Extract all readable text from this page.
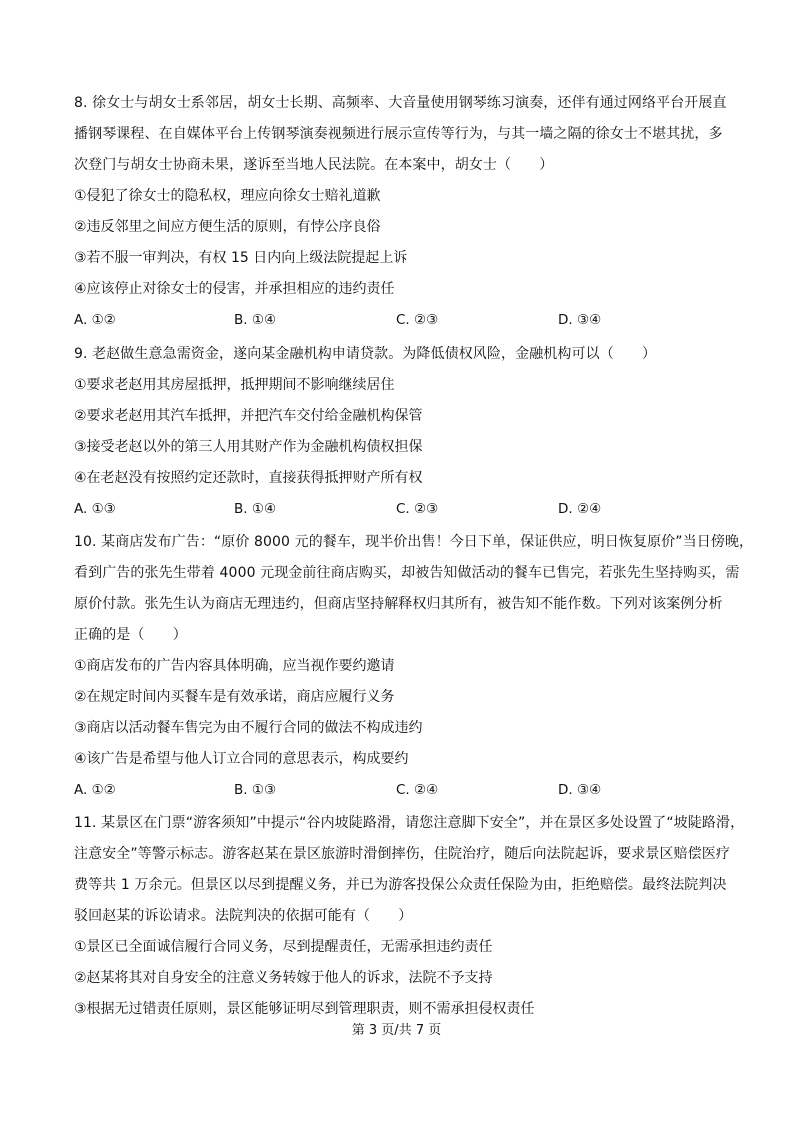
8. 徐女士与胡女士系邻居，胡女士长期、高频率、大音量使用钢琴练习演奏，还伴有通过网络平台开展直
播钢琴课程、在自媒体平台上传钢琴演奏视频进行展示宣传等行为，与其一墙之隔的徐女士不堪其扰，多
次登门与胡女士协商未果，遂诉至当地人民法院。在本案中，胡女士（　　）
①侵犯了徐女士的隐私权，理应向徐女士赔礼道歉
②违反邻里之间应方便生活的原则，有悖公序良俗
③若不服一审判决，有权 15 日内向上级法院提起上诉
④应该停止对徐女士的侵害，并承担相应的违约责任
A. ①②	B. ①④	C. ②③	D. ③④
9. 老赵做生意急需资金，遂向某金融机构申请贷款。为降低债权风险，金融机构可以（　　）
①要求老赵用其房屋抵押，抵押期间不影响继续居住
②要求老赵用其汽车抵押，并把汽车交付给金融机构保管
③接受老赵以外的第三人用其财产作为金融机构债权担保
④在老赵没有按照约定还款时，直接获得抵押财产所有权
A. ①③	B. ①④	C. ②③	D. ②④
10. 某商店发布广告：“原价 8000 元的餐车，现半价出售！今日下单，保证供应，明日恢复原价”当日傍晚，
看到广告的张先生带着 4000 元现金前往商店购买，却被告知做活动的餐车已售完，若张先生坚持购买，需
原价付款。张先生认为商店无理违约，但商店坚持解释权归其所有，被告知不能作数。下列对该案例分析
正确的是（　　）
①商店发布的广告内容具体明确，应当视作要约邀请
②在规定时间内买餐车是有效承诺，商店应履行义务
③商店以活动餐车售完为由不履行合同的做法不构成违约
④该广告是希望与他人订立合同的意思表示，构成要约
A. ①②	B. ①③	C. ②④	D. ③④
11. 某景区在门票“游客须知”中提示“谷内坡陡路滑，请您注意脚下安全”，并在景区多处设置了“坡陡路滑，
注意安全”等警示标志。游客赵某在景区旅游时滑倒摔伤，住院治疗，随后向法院起诉，要求景区赔偿医疗
费等共 1 万余元。但景区以尽到提醒义务，并已为游客投保公众责任保险为由，拒绝赔偿。最终法院判决
驳回赵某的诉讼请求。法院判决的依据可能有（　　）
①景区已全面诚信履行合同义务，尽到提醒责任，无需承担违约责任
②赵某将其对自身安全的注意义务转嫁于他人的诉求，法院不予支持
③根据无过错责任原则，景区能够证明尽到管理职责，则不需承担侵权责任
第 3 页/共 7 页
